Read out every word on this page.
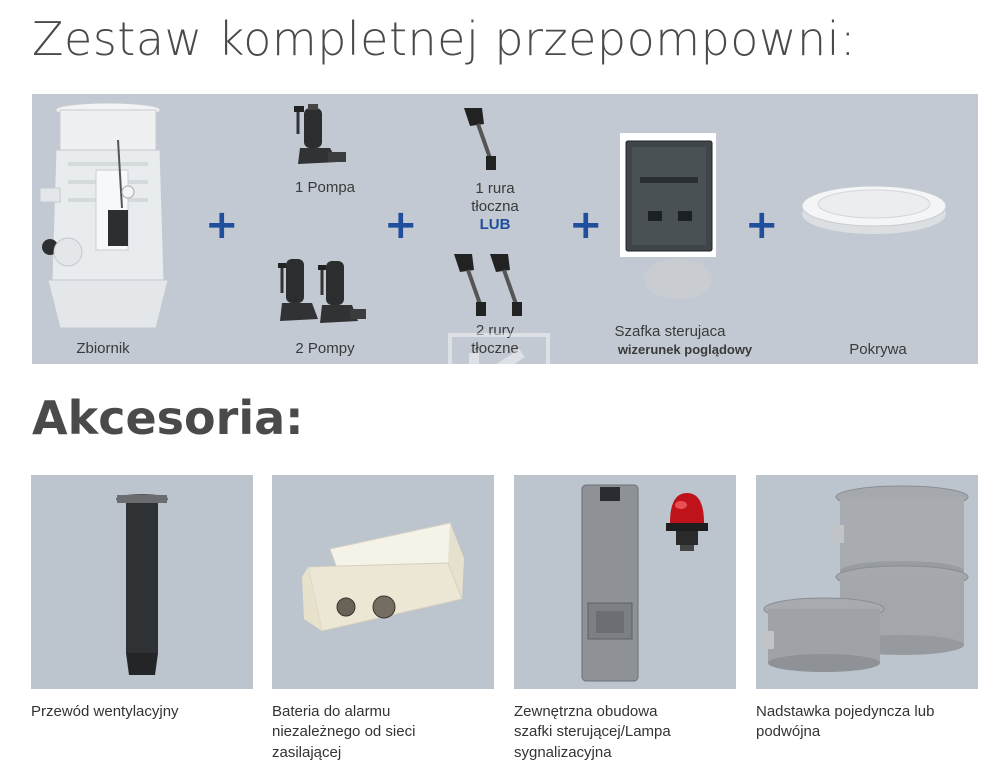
Zestaw kompletnej przepompowni:
+
1 Pompa
2 Pompy
+
1 rura
tłoczna
LUB
2 rury
tłoczne
+
Szafka sterujaca
wizerunek poglądowy
+
Pokrywa
Zbiornik
Akcesoria:
Przewód wentylacyjny	Bateria do alarmu
niezależnego od sieci
zasilającej
Zewnętrzna obudowa
szafki sterującej/Lampa
sygnalizacyjna
Nadstawka pojedyncza lub
podwójna
